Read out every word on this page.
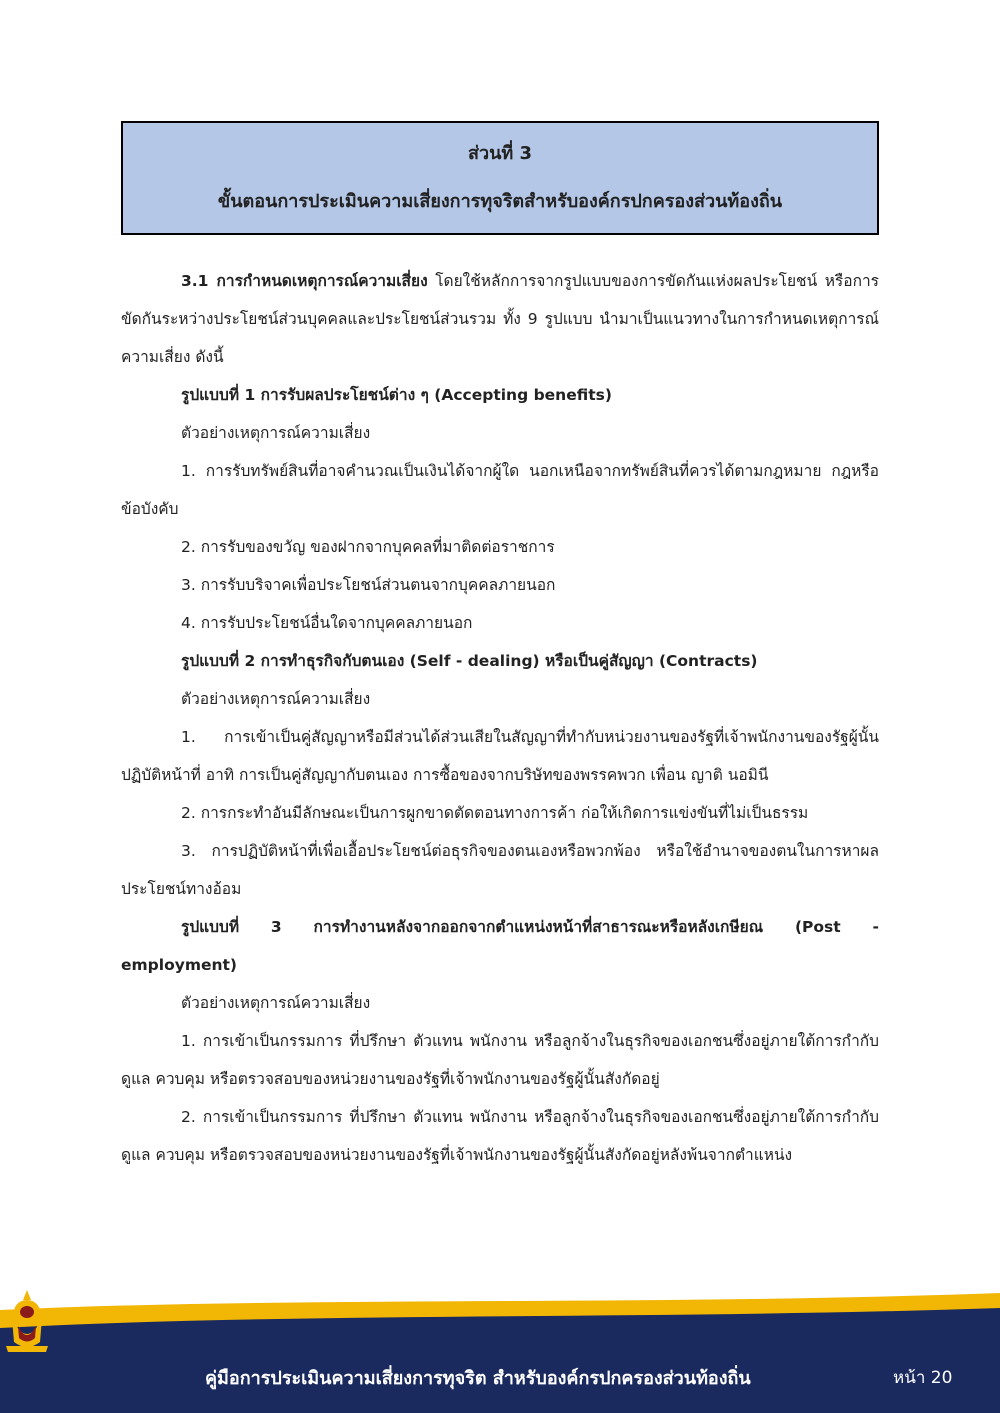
ส่วนที่ 3
ขั้นตอนการประเมินความเสี่ยงการทุจริตสำหรับองค์กรปกครองส่วนท้องถิ่น

3.1 การกำหนดเหตุการณ์ความเสี่ยง โดยใช้หลักการจากรูปแบบของการขัดกันแห่งผลประโยชน์ หรือการขัดกันระหว่างประโยชน์ส่วนบุคคลและประโยชน์ส่วนรวม ทั้ง 9 รูปแบบ นำมาเป็นแนวทางในการกำหนดเหตุการณ์ความเสี่ยง ดังนี้

รูปแบบที่ 1 การรับผลประโยชน์ต่าง ๆ (Accepting benefits)

ตัวอย่างเหตุการณ์ความเสี่ยง

1. การรับทรัพย์สินที่อาจคำนวณเป็นเงินได้จากผู้ใด นอกเหนือจากทรัพย์สินที่ควรได้ตามกฎหมาย กฎหรือข้อบังคับ

2. การรับของขวัญ ของฝากจากบุคคลที่มาติดต่อราชการ

3. การรับบริจาคเพื่อประโยชน์ส่วนตนจากบุคคลภายนอก

4. การรับประโยชน์อื่นใดจากบุคคลภายนอก

รูปแบบที่ 2 การทำธุรกิจกับตนเอง (Self - dealing) หรือเป็นคู่สัญญา (Contracts)

ตัวอย่างเหตุการณ์ความเสี่ยง

1. การเข้าเป็นคู่สัญญาหรือมีส่วนได้ส่วนเสียในสัญญาที่ทำกับหน่วยงานของรัฐที่เจ้าพนักงานของรัฐผู้นั้นปฏิบัติหน้าที่ อาทิ การเป็นคู่สัญญากับตนเอง การซื้อของจากบริษัทของพรรคพวก เพื่อน ญาติ นอมินี

2. การกระทำอันมีลักษณะเป็นการผูกขาดตัดตอนทางการค้า ก่อให้เกิดการแข่งขันที่ไม่เป็นธรรม

3. การปฏิบัติหน้าที่เพื่อเอื้อประโยชน์ต่อธุรกิจของตนเองหรือพวกพ้อง หรือใช้อำนาจของตนในการหาผลประโยชน์ทางอ้อม

รูปแบบที่ 3 การทำงานหลังจากออกจากตำแหน่งหน้าที่สาธารณะหรือหลังเกษียณ (Post - employment)

ตัวอย่างเหตุการณ์ความเสี่ยง

1. การเข้าเป็นกรรมการ ที่ปรึกษา ตัวแทน พนักงาน หรือลูกจ้างในธุรกิจของเอกชนซึ่งอยู่ภายใต้การกำกับ ดูแล ควบคุม หรือตรวจสอบของหน่วยงานของรัฐที่เจ้าพนักงานของรัฐผู้นั้นสังกัดอยู่

2. การเข้าเป็นกรรมการ ที่ปรึกษา ตัวแทน พนักงาน หรือลูกจ้างในธุรกิจของเอกชนซึ่งอยู่ภายใต้การกำกับ ดูแล ควบคุม หรือตรวจสอบของหน่วยงานของรัฐที่เจ้าพนักงานของรัฐผู้นั้นสังกัดอยู่หลังพ้นจากตำแหน่ง

คู่มือการประเมินความเสี่ยงการทุจริต สำหรับองค์กรปกครองส่วนท้องถิ่น	หน้า 20
